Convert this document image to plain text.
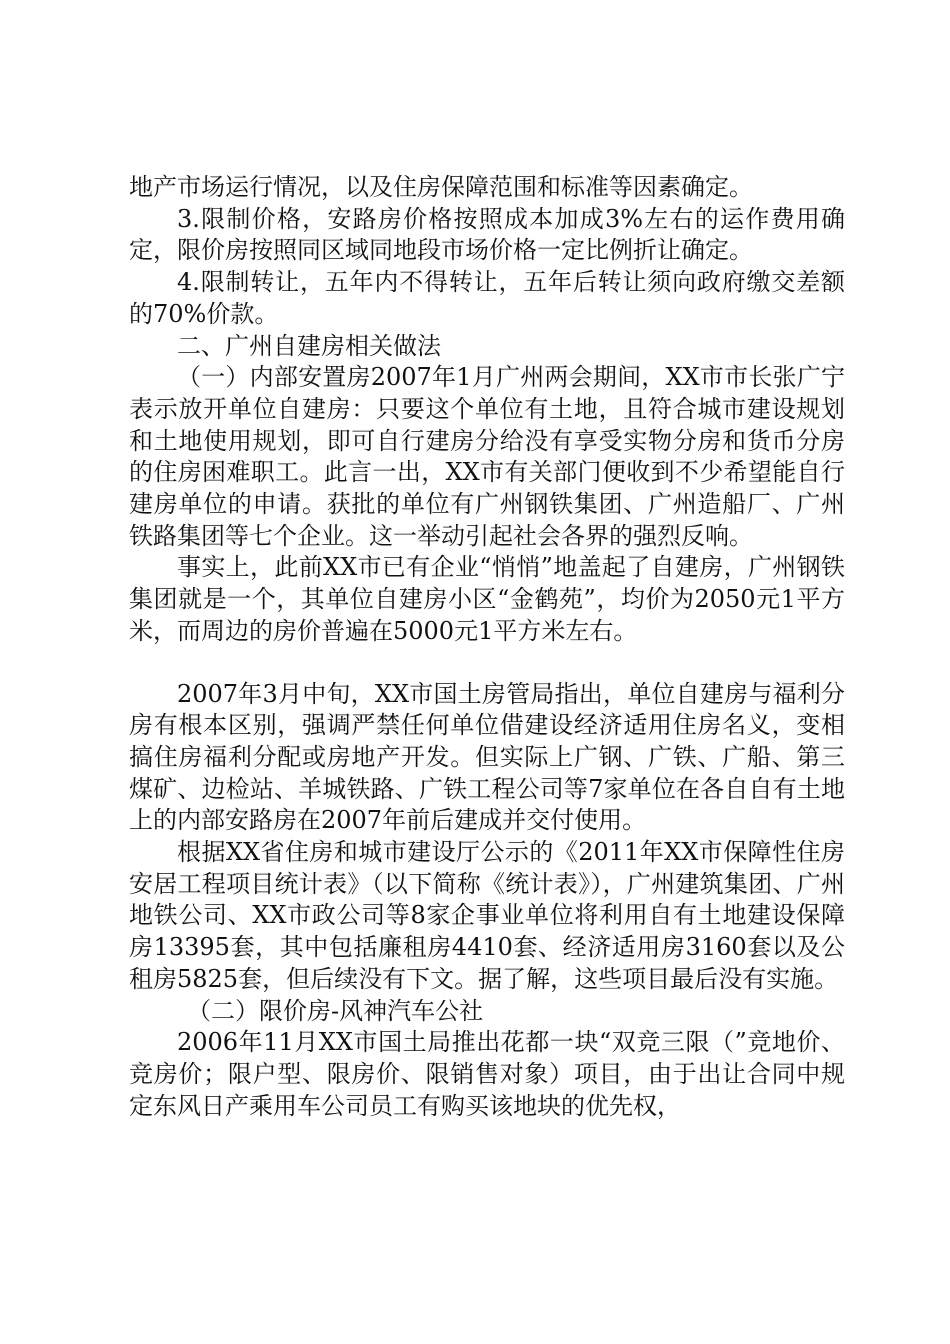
地产市场运行情况，以及住房保障范围和标准等因素确定。

3.限制价格，安路房价格按照成本加成3%左右的运作费用确定，限价房按照同区域同地段市场价格一定比例折让确定。

4.限制转让，五年内不得转让，五年后转让须向政府缴交差额的70%价款。

二、广州自建房相关做法

（一）内部安置房2007年1月广州两会期间，XX市市长张广宁表示放开单位自建房：只要这个单位有土地，且符合城市建设规划和土地使用规划，即可自行建房分给没有享受实物分房和货币分房的住房困难职工。此言一出，XX市有关部门便收到不少希望能自行建房单位的申请。获批的单位有广州钢铁集团、广州造船厂、广州铁路集团等七个企业。这一举动引起社会各界的强烈反响。

事实上，此前XX市已有企业“悄悄”地盖起了自建房，广州钢铁集团就是一个，其单位自建房小区“金鹤苑”，均价为2050元1平方米，而周边的房价普遍在5000元1平方米左右。

2007年3月中旬，XX市国土房管局指出，单位自建房与福利分房有根本区别，强调严禁任何单位借建设经济适用住房名义，变相搞住房福利分配或房地产开发。但实际上广钢、广铁、广船、第三煤矿、边检站、羊城铁路、广铁工程公司等7家单位在各自自有土地上的内部安路房在2007年前后建成并交付使用。

根据XX省住房和城市建设厅公示的《2011年XX市保障性住房安居工程项目统计表》（以下简称《统计表》），广州建筑集团、广州地铁公司、XX市政公司等8家企事业单位将利用自有土地建设保障房13395套，其中包括廉租房4410套、经济适用房3160套以及公租房5825套，但后续没有下文。据了解，这些项目最后没有实施。

（二）限价房-风神汽车公社

2006年11月XX市国土局推出花都一块“双竞三限（”竞地价、竞房价；限户型、限房价、限销售对象）项目，由于出让合同中规定东风日产乘用车公司员工有购买该地块的优先权，
